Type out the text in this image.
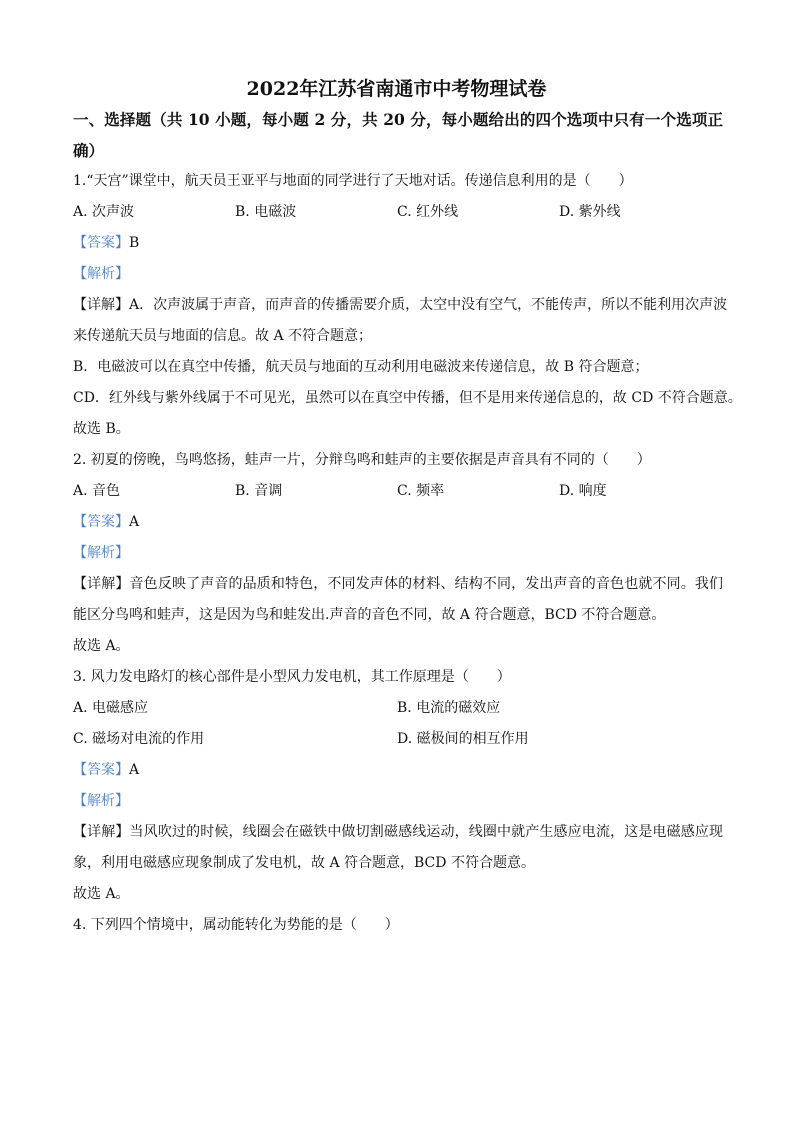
2022年江苏省南通市中考物理试卷
一、选择题（共 10 小题，每小题 2 分，共 20 分，每小题给出的四个选项中只有一个选项正
确）
1.“天宫”课堂中，航天员王亚平与地面的同学进行了天地对话。传递信息利用的是（　　）
A. 次声波	B. 电磁波	C. 红外线	D. 紫外线
【答案】B
【解析】
【详解】A．次声波属于声音，而声音的传播需要介质，太空中没有空气，不能传声，所以不能利用次声波
来传递航天员与地面的信息。故 A 不符合题意；
B．电磁波可以在真空中传播，航天员与地面的互动利用电磁波来传递信息，故 B 符合题意；
CD．红外线与紫外线属于不可见光，虽然可以在真空中传播，但不是用来传递信息的，故 CD 不符合题意。
故选 B。
2. 初夏的傍晚，鸟鸣悠扬，蛙声一片，分辩鸟鸣和蛙声的主要依据是声音具有不同的（　　）
A. 音色	B. 音调	C. 频率	D. 响度
【答案】A
【解析】
【详解】音色反映了声音的品质和特色，不同发声体的材料、结构不同，发出声音的音色也就不同。我们
能区分鸟鸣和蛙声，这是因为鸟和蛙发出.声音的音色不同，故 A 符合题意，BCD 不符合题意。
故选 A。
3. 风力发电路灯的核心部件是小型风力发电机，其工作原理是（　　）
A. 电磁感应	B. 电流的磁效应
C. 磁场对电流的作用	D. 磁极间的相互作用
【答案】A
【解析】
【详解】当风吹过的时候，线圈会在磁铁中做切割磁感线运动，线圈中就产生感应电流，这是电磁感应现
象，利用电磁感应现象制成了发电机，故 A 符合题意，BCD 不符合题意。
故选 A。
4. 下列四个情境中，属动能转化为势能的是（　　）
